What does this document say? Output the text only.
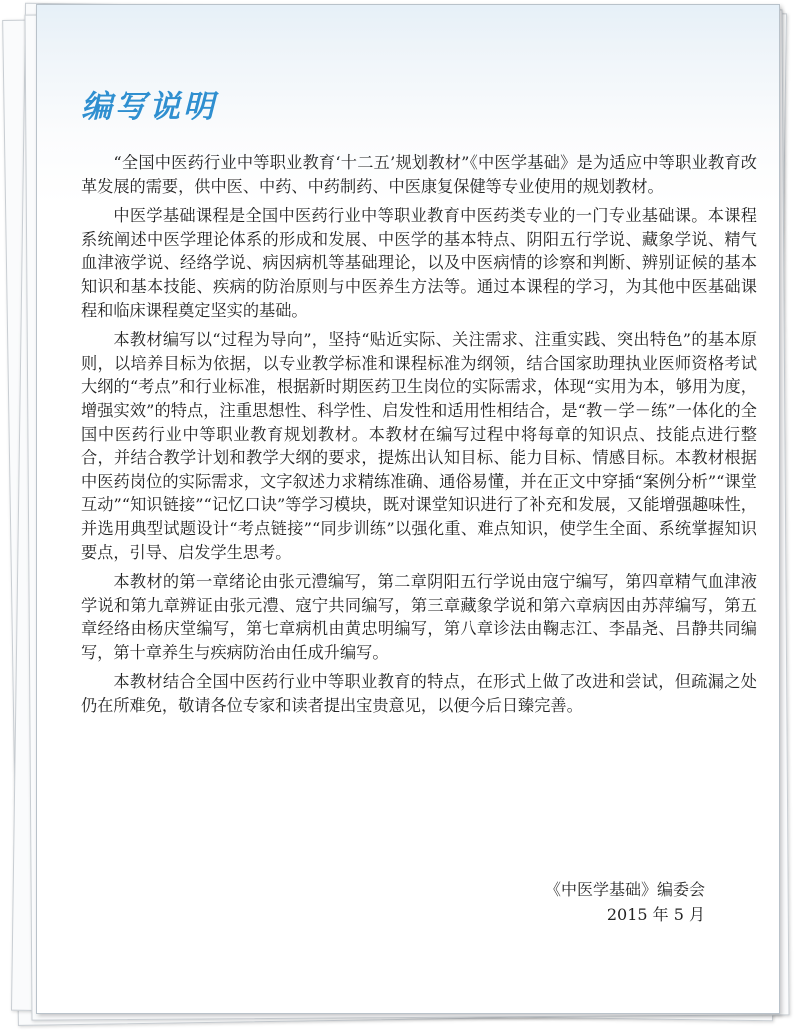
编写说明

“全国中医药行业中等职业教育‘十二五’规划教材”《中医学基础》是为适应中等职业教育改革发展的需要，供中医、中药、中药制药、中医康复保健等专业使用的规划教材。

中医学基础课程是全国中医药行业中等职业教育中医药类专业的一门专业基础课。本课程系统阐述中医学理论体系的形成和发展、中医学的基本特点、阴阳五行学说、藏象学说、精气血津液学说、经络学说、病因病机等基础理论，以及中医病情的诊察和判断、辨别证候的基本知识和基本技能、疾病的防治原则与中医养生方法等。通过本课程的学习，为其他中医基础课程和临床课程奠定坚实的基础。

本教材编写以“过程为导向”，坚持“贴近实际、关注需求、注重实践、突出特色”的基本原则，以培养目标为依据，以专业教学标准和课程标准为纲领，结合国家助理执业医师资格考试大纲的“考点”和行业标准，根据新时期医药卫生岗位的实际需求，体现“实用为本，够用为度，增强实效”的特点，注重思想性、科学性、启发性和适用性相结合，是“教－学－练”一体化的全国中医药行业中等职业教育规划教材。本教材在编写过程中将每章的知识点、技能点进行整合，并结合教学计划和教学大纲的要求，提炼出认知目标、能力目标、情感目标。本教材根据中医药岗位的实际需求，文字叙述力求精练准确、通俗易懂，并在正文中穿插“案例分析”“课堂互动”“知识链接”“记忆口诀”等学习模块，既对课堂知识进行了补充和发展，又能增强趣味性，并选用典型试题设计“考点链接”“同步训练”以强化重、难点知识，使学生全面、系统掌握知识要点，引导、启发学生思考。

本教材的第一章绪论由张元澧编写，第二章阴阳五行学说由寇宁编写，第四章精气血津液学说和第九章辨证由张元澧、寇宁共同编写，第三章藏象学说和第六章病因由苏萍编写，第五章经络由杨庆堂编写，第七章病机由黄忠明编写，第八章诊法由鞠志江、李晶尧、吕静共同编写，第十章养生与疾病防治由任成升编写。

本教材结合全国中医药行业中等职业教育的特点，在形式上做了改进和尝试，但疏漏之处仍在所难免，敬请各位专家和读者提出宝贵意见，以便今后日臻完善。

《中医学基础》编委会
2015 年 5 月
